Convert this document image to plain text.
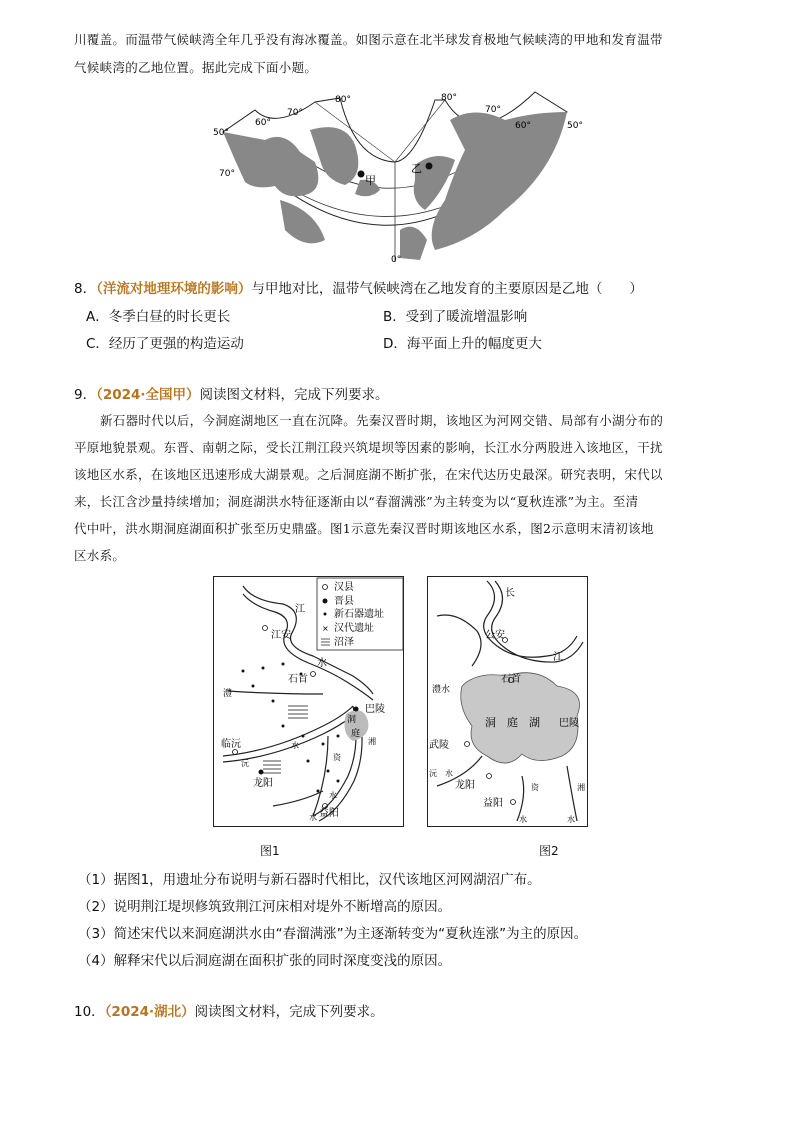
川覆盖。而温带气候峡湾全年几乎没有海冰覆盖。如图示意在北半球发育极地气候峡湾的甲地和发育温带
气候峡湾的乙地位置。据此完成下面小题。
甲
乙
50°
60°
70°
80°	80°
70°
60°	50°
70°
0°
8．（洋流对地理环境的影响）与甲地对比，温带气候峡湾在乙地发育的主要原因是乙地（　　）
A．冬季白昼的时长更长	B．受到了暖流增温影响
C．经历了更强的构造运动	D．海平面上升的幅度更大
9．（2024·全国甲）阅读图文材料，完成下列要求。
新石器时代以后，今洞庭湖地区一直在沉降。先秦汉晋时期，该地区为河网交错、局部有小湖分布的
平原地貌景观。东晋、南朝之际，受长江荆江段兴筑堤坝等因素的影响，长江水分两股进入该地区，干扰
该地区水系，在该地区迅速形成大湖景观。之后洞庭湖不断扩张，在宋代达历史最深。研究表明，宋代以
来，长江含沙量持续增加；洞庭湖洪水特征逐渐由以“春溜满涨”为主转变为以“夏秋连涨”为主。至清
代中叶，洪水期洞庭湖面积扩张至历史鼎盛。图1示意先秦汉晋时期该地区水系，图2示意明末清初该地
区水系。
×
汉县
晋县
新石器遗址
汉代遗址
沼泽
江
江安
水
石首
澧
洞
庭
巴陵
湘
临沅	水
沅
龙阳
资
水
益阳
水
图1
长
公安
江
石首
澧水
巴陵
洞　庭　湖
武陵
沅 水
龙阳
益阳
资	湘
水	水
图2
（1）据图1，用遗址分布说明与新石器时代相比，汉代该地区河网湖沼广布。
（2）说明荆江堤坝修筑致荆江河床相对堤外不断增高的原因。
（3）简述宋代以来洞庭湖洪水由“春溜满涨”为主逐渐转变为“夏秋连涨”为主的原因。
（4）解释宋代以后洞庭湖在面积扩张的同时深度变浅的原因。
10．（2024·湖北）阅读图文材料，完成下列要求。
